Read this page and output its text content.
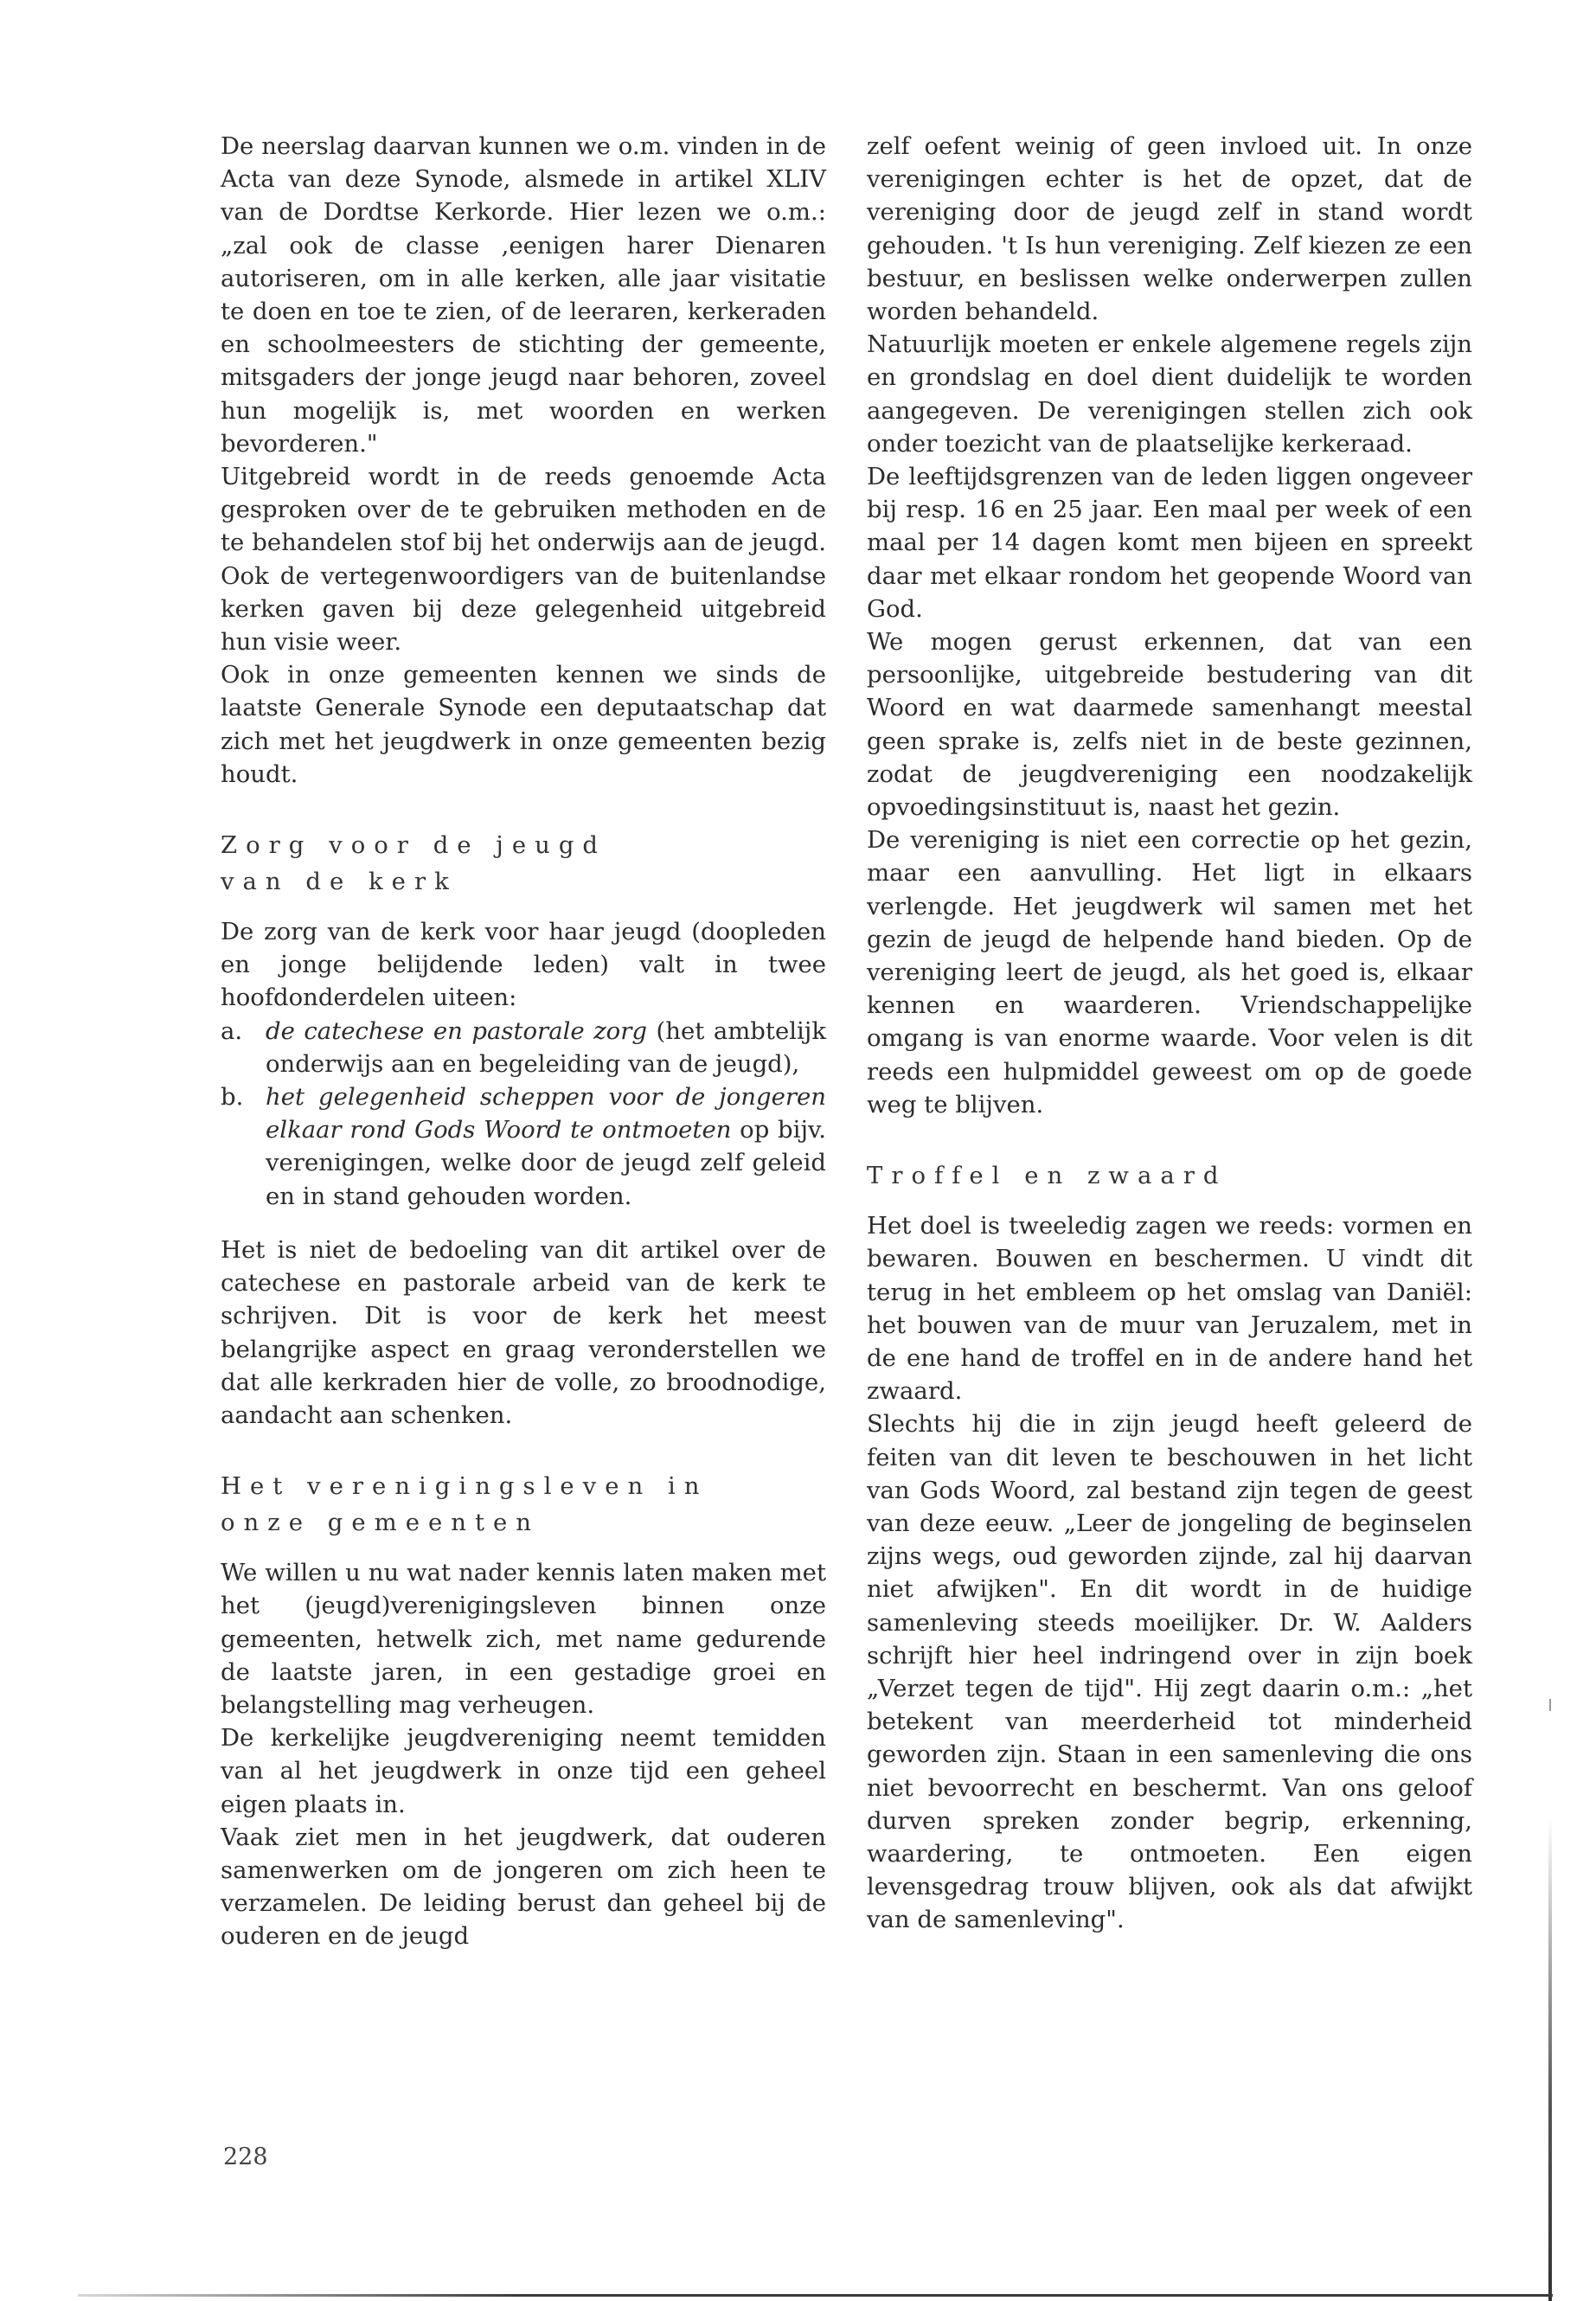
De neerslag daarvan kunnen we o.m. vinden in de Acta van deze Synode, alsmede in artikel XLIV van de Dordtse Kerkorde. Hier lezen we o.m.: „zal ook de classe ,eenigen harer Dienaren autoriseren, om in alle kerken, alle jaar visitatie te doen en toe te zien, of de leeraren, kerkeraden en schoolmeesters de stichting der gemeente, mitsgaders der jonge jeugd naar behoren, zoveel hun mogelijk is, met woorden en werken bevorderen."

Uitgebreid wordt in de reeds genoemde Acta gesproken over de te gebruiken methoden en de te behandelen stof bij het onderwijs aan de jeugd. Ook de vertegenwoordigers van de buitenlandse kerken gaven bij deze gelegenheid uitgebreid hun visie weer.

Ook in onze gemeenten kennen we sinds de laatste Generale Synode een deputaatschap dat zich met het jeugdwerk in onze gemeenten bezig houdt.

Zorg voor de jeugd
van de kerk

De zorg van de kerk voor haar jeugd (doopleden en jonge belijdende leden) valt in twee hoofdonderdelen uiteen:

a. de catechese en pastorale zorg (het ambtelijk onderwijs aan en begeleiding van de jeugd),
b. het gelegenheid scheppen voor de jongeren elkaar rond Gods Woord te ontmoeten op bijv. verenigingen, welke door de jeugd zelf geleid en in stand gehouden worden.

Het is niet de bedoeling van dit artikel over de catechese en pastorale arbeid van de kerk te schrijven. Dit is voor de kerk het meest belangrijke aspect en graag veronderstellen we dat alle kerkraden hier de volle, zo broodnodige, aandacht aan schenken.

Het verenigingsleven in
onze gemeenten

We willen u nu wat nader kennis laten maken met het (jeugd)verenigingsleven binnen onze gemeenten, hetwelk zich, met name gedurende de laatste jaren, in een gestadige groei en belangstelling mag verheugen.

De kerkelijke jeugdvereniging neemt temidden van al het jeugdwerk in onze tijd een geheel eigen plaats in.

Vaak ziet men in het jeugdwerk, dat ouderen samenwerken om de jongeren om zich heen te verzamelen. De leiding berust dan geheel bij de ouderen en de jeugd

zelf oefent weinig of geen invloed uit. In onze verenigingen echter is het de opzet, dat de vereniging door de jeugd zelf in stand wordt gehouden. 't Is hun vereniging. Zelf kiezen ze een bestuur, en beslissen welke onderwerpen zullen worden behandeld.

Natuurlijk moeten er enkele algemene regels zijn en grondslag en doel dient duidelijk te worden aangegeven. De verenigingen stellen zich ook onder toezicht van de plaatselijke kerkeraad.

De leeftijdsgrenzen van de leden liggen ongeveer bij resp. 16 en 25 jaar. Een maal per week of een maal per 14 dagen komt men bijeen en spreekt daar met elkaar rondom het geopende Woord van God.

We mogen gerust erkennen, dat van een persoonlijke, uitgebreide bestudering van dit Woord en wat daarmede samenhangt meestal geen sprake is, zelfs niet in de beste gezinnen, zodat de jeugdvereniging een noodzakelijk opvoedingsinstituut is, naast het gezin.

De vereniging is niet een correctie op het gezin, maar een aanvulling. Het ligt in elkaars verlengde. Het jeugdwerk wil samen met het gezin de jeugd de helpende hand bieden. Op de vereniging leert de jeugd, als het goed is, elkaar kennen en waarderen. Vriendschappelijke omgang is van enorme waarde. Voor velen is dit reeds een hulpmiddel geweest om op de goede weg te blijven.

Troffel en zwaard

Het doel is tweeledig zagen we reeds: vormen en bewaren. Bouwen en beschermen. U vindt dit terug in het embleem op het omslag van Daniël: het bouwen van de muur van Jeruzalem, met in de ene hand de troffel en in de andere hand het zwaard.

Slechts hij die in zijn jeugd heeft geleerd de feiten van dit leven te beschouwen in het licht van Gods Woord, zal bestand zijn tegen de geest van deze eeuw. „Leer de jongeling de beginselen zijns wegs, oud geworden zijnde, zal hij daarvan niet afwijken". En dit wordt in de huidige samenleving steeds moeilijker. Dr. W. Aalders schrijft hier heel indringend over in zijn boek „Verzet tegen de tijd". Hij zegt daarin o.m.: „het betekent van meerderheid tot minderheid geworden zijn. Staan in een samenleving die ons niet bevoorrecht en beschermt. Van ons geloof durven spreken zonder begrip, erkenning, waardering, te ontmoeten. Een eigen levensgedrag trouw blijven, ook als dat afwijkt van de samenleving".

228
